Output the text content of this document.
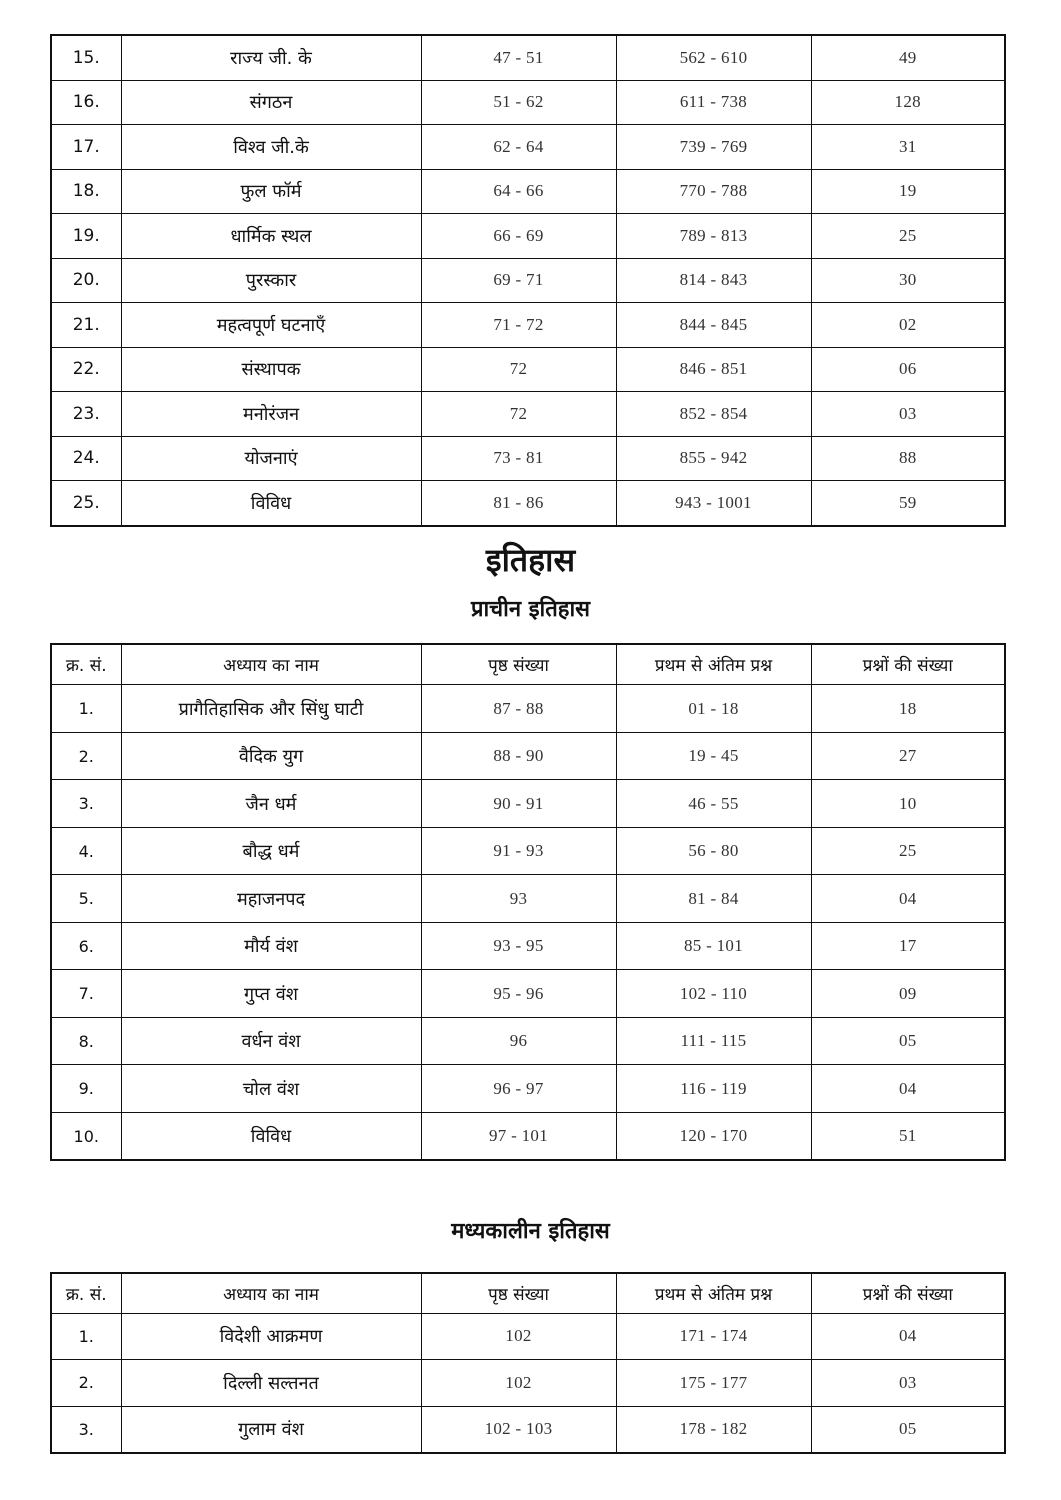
15.	राज्य जी. के	47 - 51	562 - 610	49
16.	संगठन	51 - 62	611 - 738	128
17.	विश्व जी.के	62 - 64	739 - 769	31
18.	फुल फॉर्म	64 - 66	770 - 788	19
19.	धार्मिक स्थल	66 - 69	789 - 813	25
20.	पुरस्कार	69 - 71	814 - 843	30
21.	महत्वपूर्ण घटनाएँ	71 - 72	844 - 845	02
22.	संस्थापक	72	846 - 851	06
23.	मनोरंजन	72	852 - 854	03
24.	योजनाएं	73 - 81	855 - 942	88
25.	विविध	81 - 86	943 - 1001	59
इतिहास
प्राचीन इतिहास
क्र. सं.	अध्याय का नाम	पृष्ठ संख्या	प्रथम से अंतिम प्रश्न	प्रश्नों की संख्या
1.	प्रागैतिहासिक और सिंधु घाटी	87 - 88	01 - 18	18
2.	वैदिक युग	88 - 90	19 - 45	27
3.	जैन धर्म	90 - 91	46 - 55	10
4.	बौद्ध धर्म	91 - 93	56 - 80	25
5.	महाजनपद	93	81 - 84	04
6.	मौर्य वंश	93 - 95	85 - 101	17
7.	गुप्त वंश	95 - 96	102 - 110	09
8.	वर्धन वंश	96	111 - 115	05
9.	चोल वंश	96 - 97	116 - 119	04
10.	विविध	97 - 101	120 - 170	51
मध्यकालीन इतिहास
क्र. सं.	अध्याय का नाम	पृष्ठ संख्या	प्रथम से अंतिम प्रश्न	प्रश्नों की संख्या
1.	विदेशी आक्रमण	102	171 - 174	04
2.	दिल्ली सल्तनत	102	175 - 177	03
3.	गुलाम वंश	102 - 103	178 - 182	05
